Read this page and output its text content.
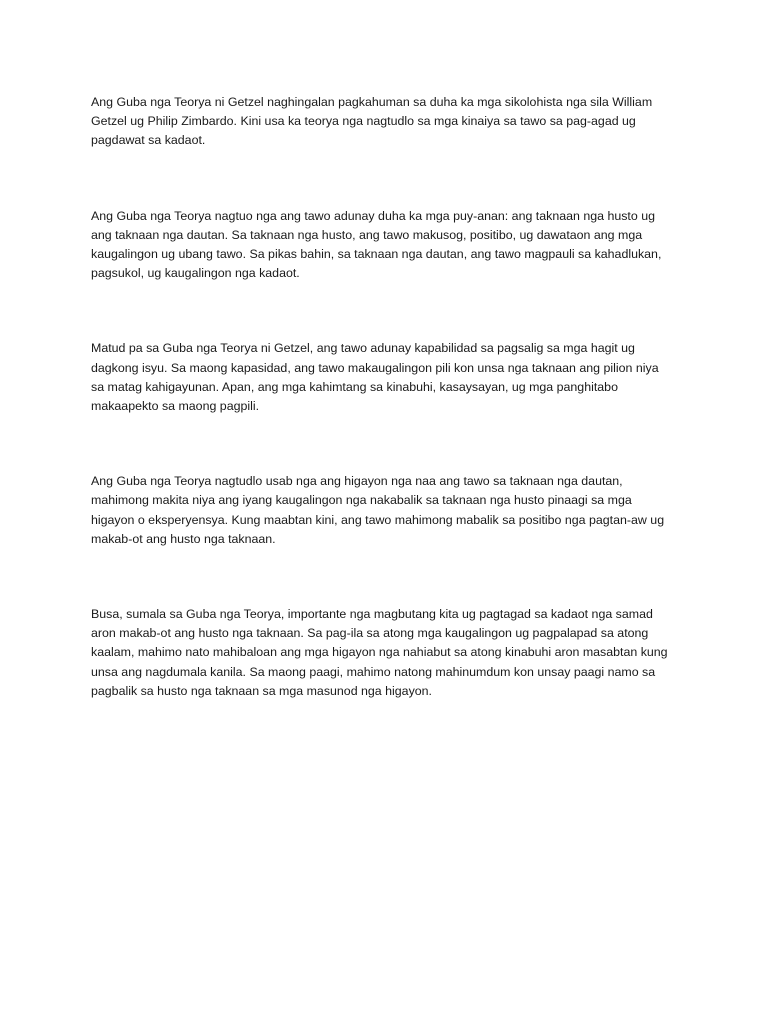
Ang Guba nga Teorya ni Getzel naghingalan pagkahuman sa duha ka mga sikolohista nga sila William Getzel ug Philip Zimbardo. Kini usa ka teorya nga nagtudlo sa mga kinaiya sa tawo sa pag-agad ug pagdawat sa kadaot.

Ang Guba nga Teorya nagtuo nga ang tawo adunay duha ka mga puy-anan: ang taknaan nga husto ug ang taknaan nga dautan. Sa taknaan nga husto, ang tawo makusog, positibo, ug dawataon ang mga kaugalingon ug ubang tawo. Sa pikas bahin, sa taknaan nga dautan, ang tawo magpauli sa kahadlukan, pagsukol, ug kaugalingon nga kadaot.

Matud pa sa Guba nga Teorya ni Getzel, ang tawo adunay kapabilidad sa pagsalig sa mga hagit ug dagkong isyu. Sa maong kapasidad, ang tawo makaugalingon pili kon unsa nga taknaan ang pilion niya sa matag kahigayunan. Apan, ang mga kahimtang sa kinabuhi, kasaysayan, ug mga panghitabo makaapekto sa maong pagpili.

Ang Guba nga Teorya nagtudlo usab nga ang higayon nga naa ang tawo sa taknaan nga dautan, mahimong makita niya ang iyang kaugalingon nga nakabalik sa taknaan nga husto pinaagi sa mga higayon o eksperyensya. Kung maabtan kini, ang tawo mahimong mabalik sa positibo nga pagtan-aw ug makab-ot ang husto nga taknaan.

Busa, sumala sa Guba nga Teorya, importante nga magbutang kita ug pagtagad sa kadaot nga samad aron makab-ot ang husto nga taknaan. Sa pag-ila sa atong mga kaugalingon ug pagpalapad sa atong kaalam, mahimo nato mahibaloan ang mga higayon nga nahiabut sa atong kinabuhi aron masabtan kung unsa ang nagdumala kanila. Sa maong paagi, mahimo natong mahinumdum kon unsay paagi namo sa pagbalik sa husto nga taknaan sa mga masunod nga higayon.
